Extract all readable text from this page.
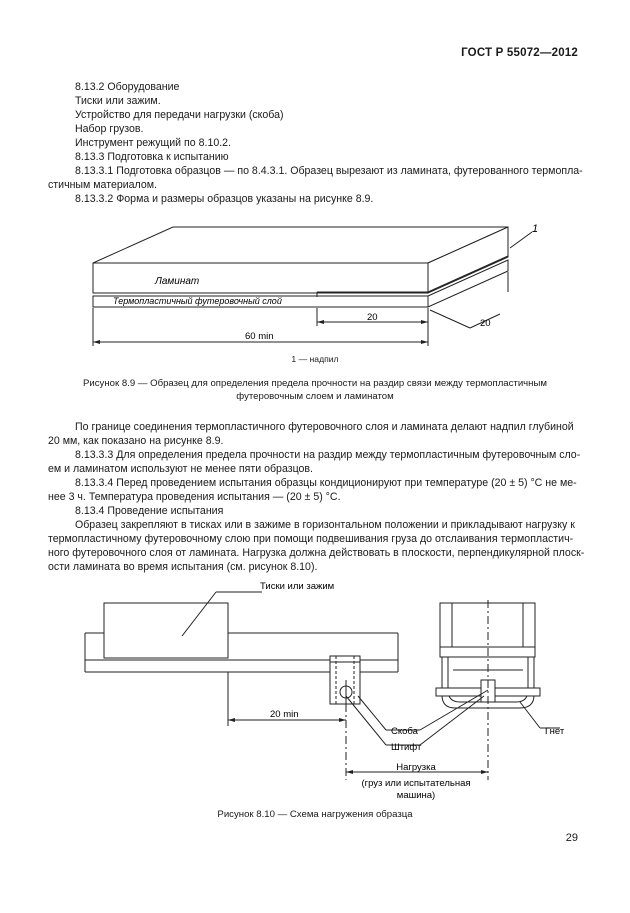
ГОСТ Р 55072—2012
8.13.2 Оборудование
Тиски или зажим.
Устройство для передачи нагрузки (скоба)
Набор грузов.
Инструмент режущий по 8.10.2.
8.13.3 Подготовка к испытанию
8.13.3.1 Подготовка образцов — по 8.4.3.1. Образец вырезают из ламината, футерованного термопла-
стичным материалом.
8.13.3.2 Форма и размеры образцов указаны на рисунке 8.9.
Ламинат
Термопластичный футеровочный слой
20
60 min
20
1
1 — надпил
Рисунок 8.9 — Образец для определения предела прочности на раздир связи между термопластичным
футеровочным слоем и ламинатом
По границе соединения термопластичного футеровочного слоя и ламината делают надпил глубиной
20 мм, как показано на рисунке 8.9.
8.13.3.3 Для определения предела прочности на раздир между термопластичным футеровочным сло-
ем и ламинатом используют не менее пяти образцов.
8.13.3.4 Перед проведением испытания образцы кондиционируют при температуре (20 ± 5) °С не ме-
нее 3 ч. Температура проведения испытания — (20 ± 5) °С.
8.13.4 Проведение испытания
Образец закрепляют в тисках или в зажиме в горизонтальном положении и прикладывают нагрузку к
термопластичному футеровочному слою при помощи подвешивания груза до отслаивания термопластич-
ного футеровочного слоя от ламината. Нагрузка должна действовать в плоскости, перпендикулярной плоск-
ости ламината во время испытания (см. рисунок 8.10).
Тиски или зажим
20 min
Скоба
Штифт
Гнет
Нагрузка
(груз или испытательная
машина)
Рисунок 8.10 — Схема нагружения образца
29
